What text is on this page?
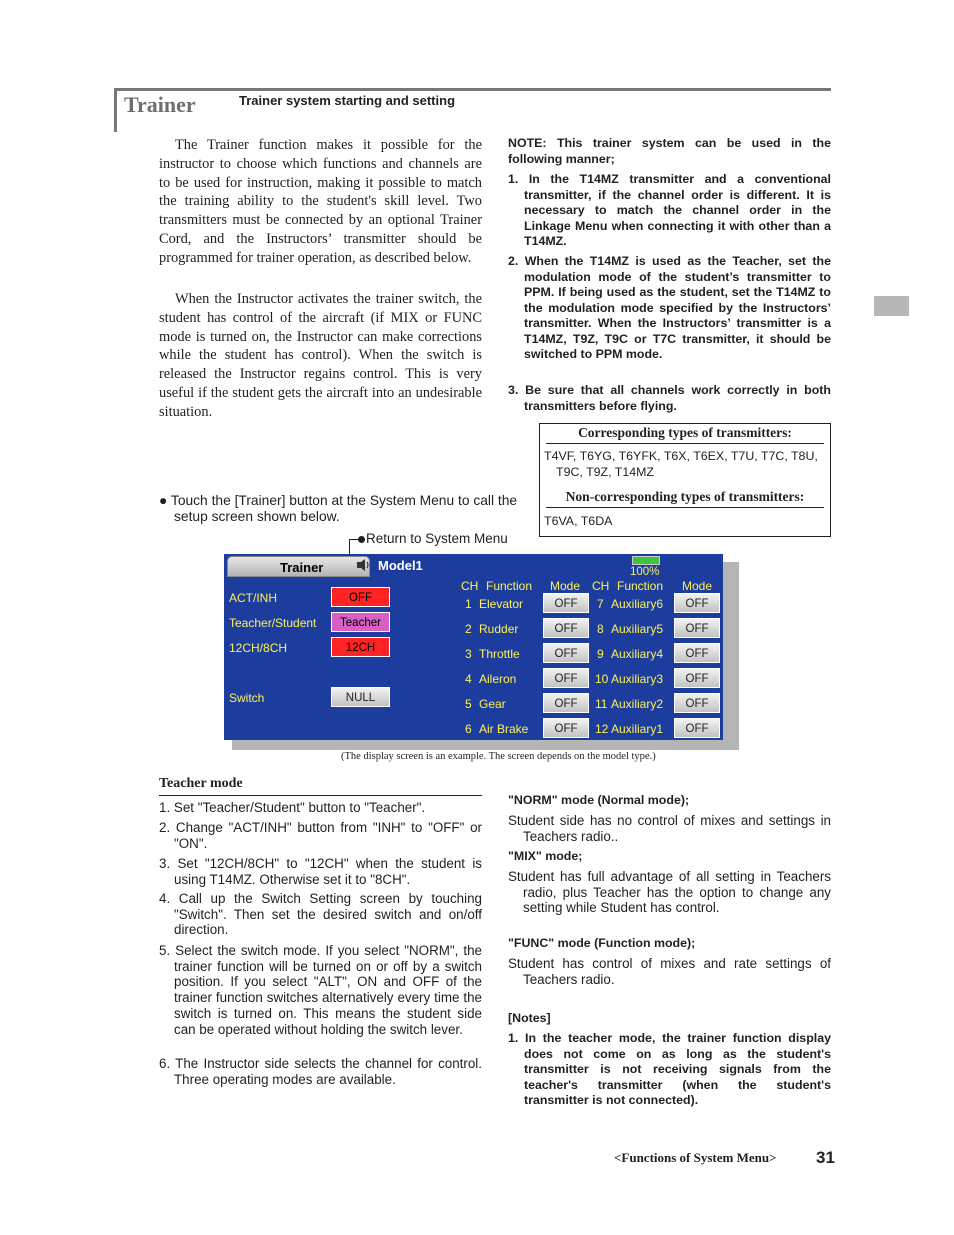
Trainer	Trainer system starting and setting
The Trainer function makes it possible for the instructor to choose which functions and channels are to be used for instruction, making it possible to match the training ability to the student's skill level. Two transmitters must be connected by an optional Trainer Cord, and the Instructors’ transmitter should be programmed for trainer operation, as described below.
When the Instructor activates the trainer switch, the student has control of the aircraft (if MIX or FUNC mode is turned on, the Instructor can make corrections while the student has control). When the switch is released the Instructor regains control. This is very useful if the student gets the aircraft into an undesirable situation.
NOTE: This trainer system can be used in the following manner;
1. In the T14MZ transmitter and a conventional transmitter, if the channel order is different. It is necessary to match the channel order in the Linkage Menu when connecting it with other than a T14MZ.
2. When the T14MZ is used as the Teacher, set the modulation mode of the student’s transmitter to PPM. If being used as the student, set the T14MZ to the modulation mode specified by the Instructors’ transmitter. When the Instructors’ transmitter is a T14MZ, T9Z, T9C or T7C transmitter, it should be switched to PPM mode.
3. Be sure that all channels work correctly in both transmitters before flying.
Corresponding types of transmitters:
T4VF, T6YG, T6YFK, T6X, T6EX, T7U, T7C, T8U, T9C, T9Z, T14MZ
Non-corresponding types of transmitters:
T6VA, T6DA
● Touch the [Trainer] button at the System Menu to call the setup screen shown below.
Return to System Menu
Trainer	Model1	100%
CH Function Mode CH Function Mode
ACT/INH	OFF
Teacher/Student	Teacher
12CH/8CH	12CH
Switch	NULL
1 Elevator	OFF
2 Rudder	OFF
3 Throttle	OFF
4 Aileron	OFF
5 Gear	OFF
6 Air Brake	OFF
7 Auxiliary6	OFF
8 Auxiliary5	OFF
9 Auxiliary4	OFF
10 Auxiliary3	OFF
11 Auxiliary2	OFF
12 Auxiliary1	OFF
(The display screen is an example. The screen depends on the model type.)
Teacher mode
1. Set "Teacher/Student" button to "Teacher".
2. Change "ACT/INH" button from "INH" to "OFF" or "ON".
3. Set "12CH/8CH" to "12CH" when the student is using T14MZ. Otherwise set it to "8CH".
4. Call up the Switch Setting screen by touching "Switch". Then set the desired switch and on/off direction.
5. Select the switch mode. If you select "NORM", the trainer function will be turned on or off by a switch position. If you select "ALT", ON and OFF of the trainer function switches alternatively every time the switch is turned on. This means the student side can be operated without holding the switch lever.
6. The Instructor side selects the channel for control. Three operating modes are available.
"NORM" mode (Normal mode);
Student side has no control of mixes and settings in Teachers radio..
"MIX" mode;
Student has full advantage of all setting in Teachers radio, plus Teacher has the option to change any setting while Student has control.
"FUNC" mode (Function mode);
Student has control of mixes and rate settings of Teachers radio.
[Notes]
1. In the teacher mode, the trainer function display does not come on as long as the student's transmitter is not receiving signals from the teacher's transmitter (when the student's transmitter is not connected).
<Functions of System Menu> 31
